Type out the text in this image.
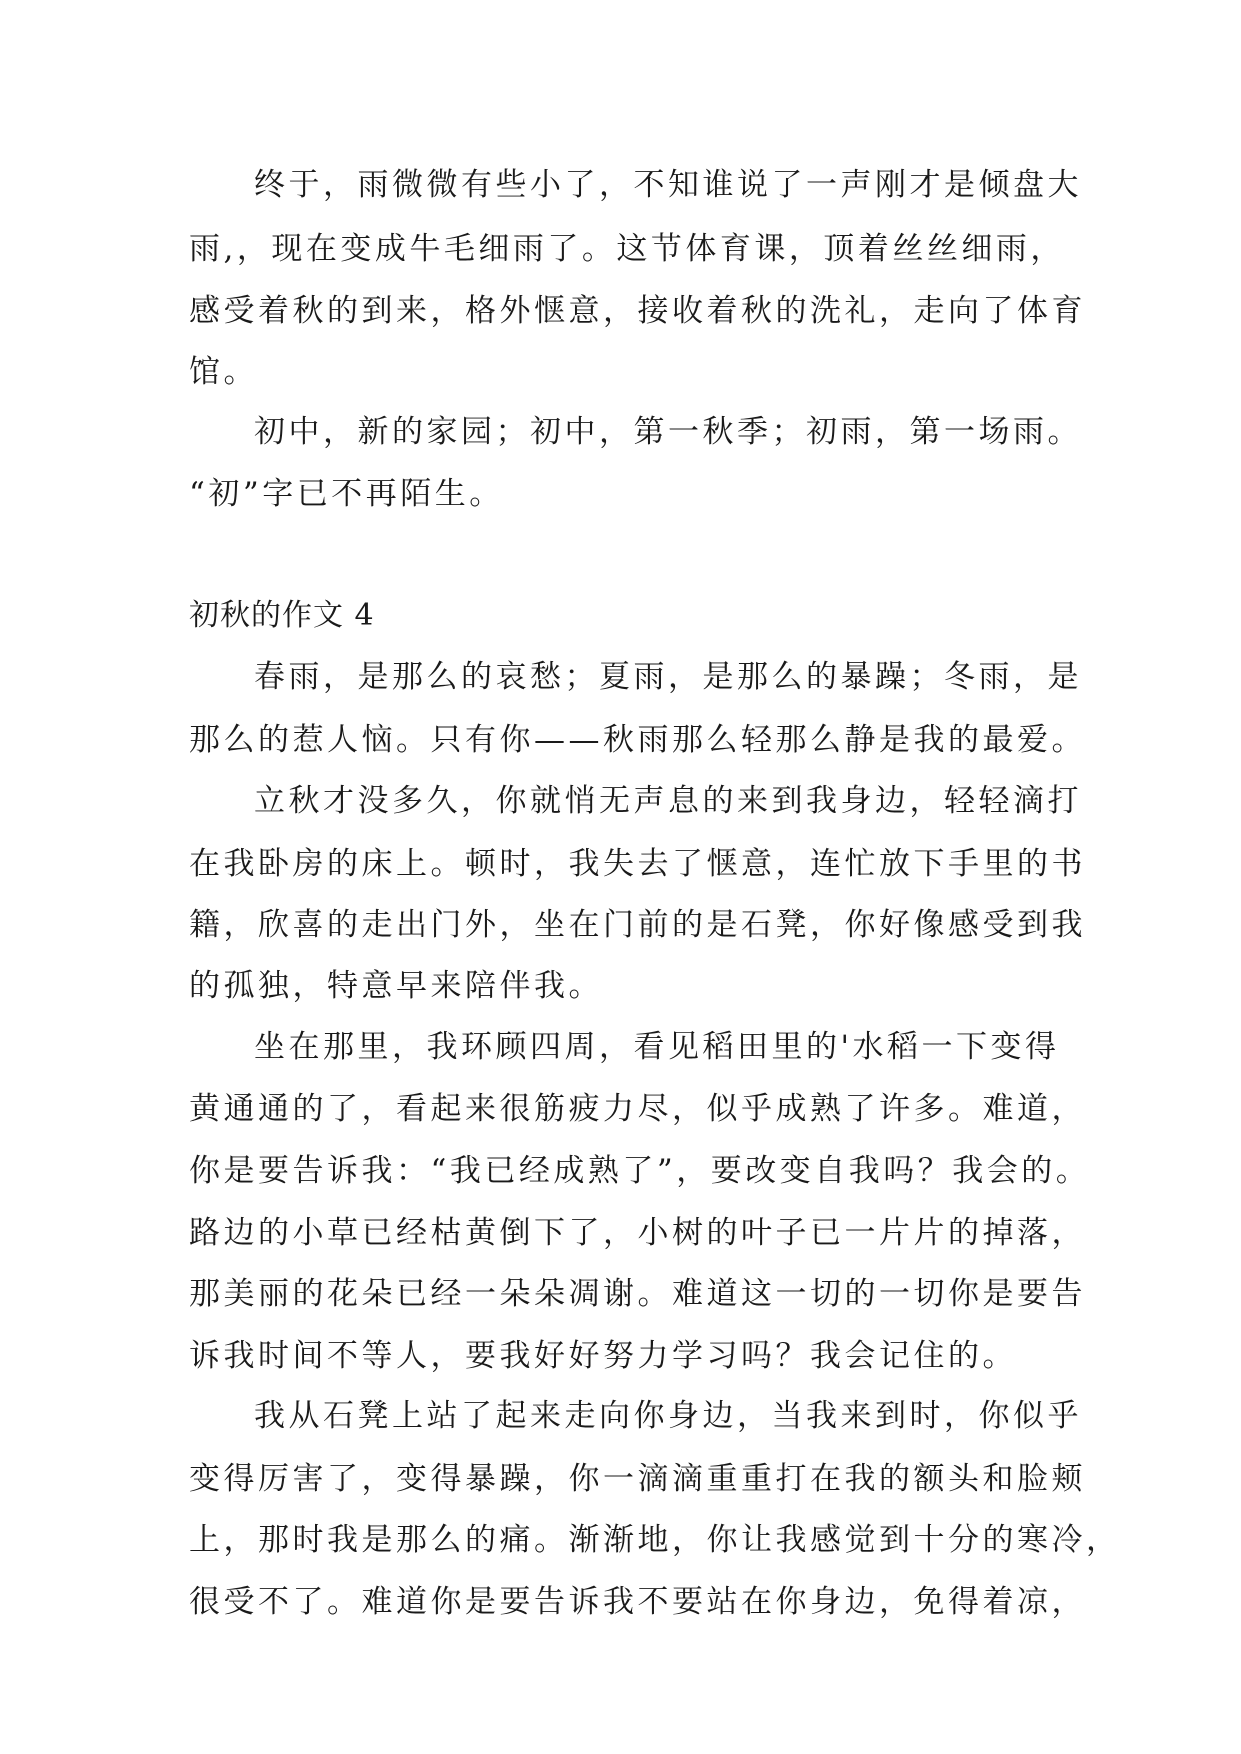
终于，雨微微有些小了，不知谁说了一声刚才是倾盘大
雨,，现在变成牛毛细雨了。这节体育课，顶着丝丝细雨，
感受着秋的到来，格外惬意，接收着秋的洗礼，走向了体育
馆。
初中，新的家园；初中，第一秋季；初雨，第一场雨。
“初”字已不再陌生。
初秋的作文 4
春雨，是那么的哀愁；夏雨，是那么的暴躁；冬雨，是
那么的惹人恼。只有你——秋雨那么轻那么静是我的最爱。
立秋才没多久，你就悄无声息的来到我身边，轻轻滴打
在我卧房的床上。顿时，我失去了惬意，连忙放下手里的书
籍，欣喜的走出门外，坐在门前的是石凳，你好像感受到我
的孤独，特意早来陪伴我。
坐在那里，我环顾四周，看见稻田里的'水稻一下变得
黄通通的了，看起来很筋疲力尽，似乎成熟了许多。难道，
你是要告诉我：“我已经成熟了”，要改变自我吗？我会的。
路边的小草已经枯黄倒下了，小树的叶子已一片片的掉落，
那美丽的花朵已经一朵朵凋谢。难道这一切的一切你是要告
诉我时间不等人，要我好好努力学习吗？我会记住的。
我从石凳上站了起来走向你身边，当我来到时，你似乎
变得厉害了，变得暴躁，你一滴滴重重打在我的额头和脸颊
上，那时我是那么的痛。渐渐地，你让我感觉到十分的寒冷，
很受不了。难道你是要告诉我不要站在你身边，免得着凉，
